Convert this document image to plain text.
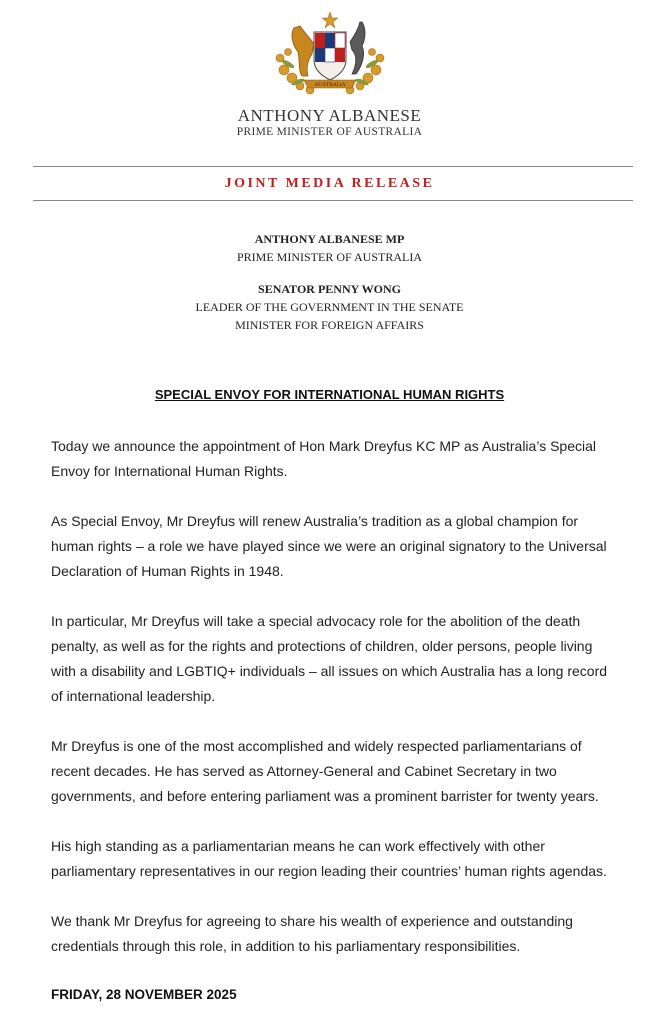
AUSTRALIA
ANTHONY ALBANESE
PRIME MINISTER OF AUSTRALIA
JOINT MEDIA RELEASE
ANTHONY ALBANESE MP
PRIME MINISTER OF AUSTRALIA
SENATOR PENNY WONG
LEADER OF THE GOVERNMENT IN THE SENATE
MINISTER FOR FOREIGN AFFAIRS
SPECIAL ENVOY FOR INTERNATIONAL HUMAN RIGHTS

Today we announce the appointment of Hon Mark Dreyfus KC MP as Australia’s Special Envoy for International Human Rights.

As Special Envoy, Mr Dreyfus will renew Australia’s tradition as a global champion for human rights – a role we have played since we were an original signatory to the Universal Declaration of Human Rights in 1948.

In particular, Mr Dreyfus will take a special advocacy role for the abolition of the death penalty, as well as for the rights and protections of children, older persons, people living with a disability and LGBTIQ+ individuals – all issues on which Australia has a long record of international leadership.

Mr Dreyfus is one of the most accomplished and widely respected parliamentarians of recent decades. He has served as Attorney-General and Cabinet Secretary in two governments, and before entering parliament was a prominent barrister for twenty years.

His high standing as a parliamentarian means he can work effectively with other parliamentary representatives in our region leading their countries’ human rights agendas.

We thank Mr Dreyfus for agreeing to share his wealth of experience and outstanding credentials through this role, in addition to his parliamentary responsibilities.

FRIDAY, 28 NOVEMBER 2025
